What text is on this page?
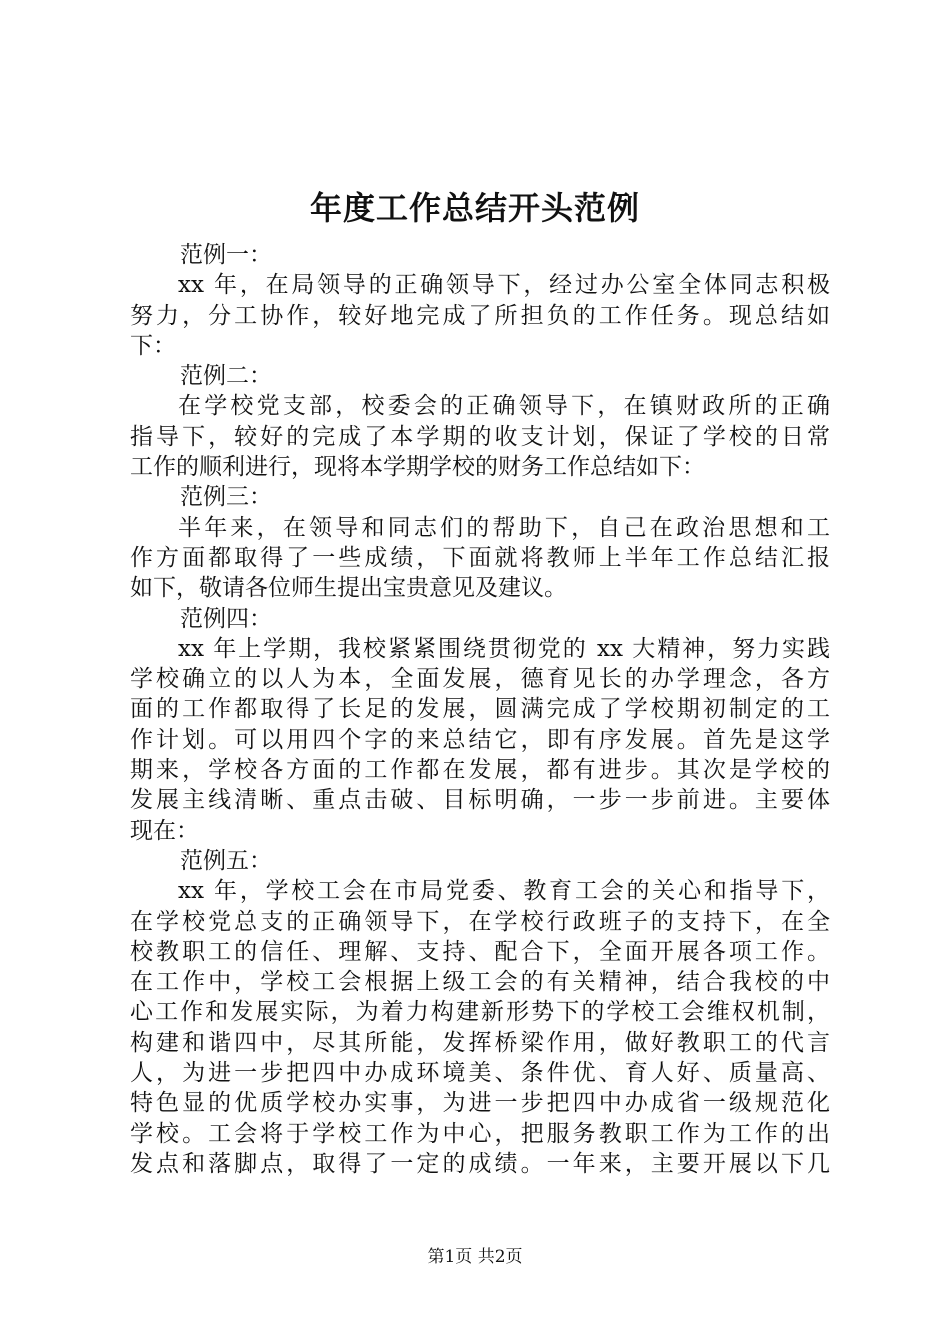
年度工作总结开头范例
范例一：
xx 年，在局领导的正确领导下，经过办公室全体同志积极
努力，分工协作，较好地完成了所担负的工作任务。现总结如
下：
范例二：
在学校党支部，校委会的正确领导下，在镇财政所的正确
指导下，较好的完成了本学期的收支计划，保证了学校的日常
工作的顺利进行，现将本学期学校的财务工作总结如下：
范例三：
半年来，在领导和同志们的帮助下，自己在政治思想和工
作方面都取得了一些成绩，下面就将教师上半年工作总结汇报
如下，敬请各位师生提出宝贵意见及建议。
范例四：
xx 年上学期，我校紧紧围绕贯彻党的 xx 大精神，努力实践
学校确立的以人为本，全面发展，德育见长的办学理念，各方
面的工作都取得了长足的发展，圆满完成了学校期初制定的工
作计划。可以用四个字的来总结它，即有序发展。首先是这学
期来，学校各方面的工作都在发展，都有进步。其次是学校的
发展主线清晰、重点击破、目标明确，一步一步前进。主要体
现在：
范例五：
xx 年，学校工会在市局党委、教育工会的关心和指导下，
在学校党总支的正确领导下，在学校行政班子的支持下，在全
校教职工的信任、理解、支持、配合下，全面开展各项工作。
在工作中，学校工会根据上级工会的有关精神，结合我校的中
心工作和发展实际，为着力构建新形势下的学校工会维权机制，
构建和谐四中，尽其所能，发挥桥梁作用，做好教职工的代言
人，为进一步把四中办成环境美、条件优、育人好、质量高、
特色显的优质学校办实事，为进一步把四中办成省一级规范化
学校。工会将于学校工作为中心，把服务教职工作为工作的出
发点和落脚点，取得了一定的成绩。一年来，主要开展以下几
第1页 共2页
